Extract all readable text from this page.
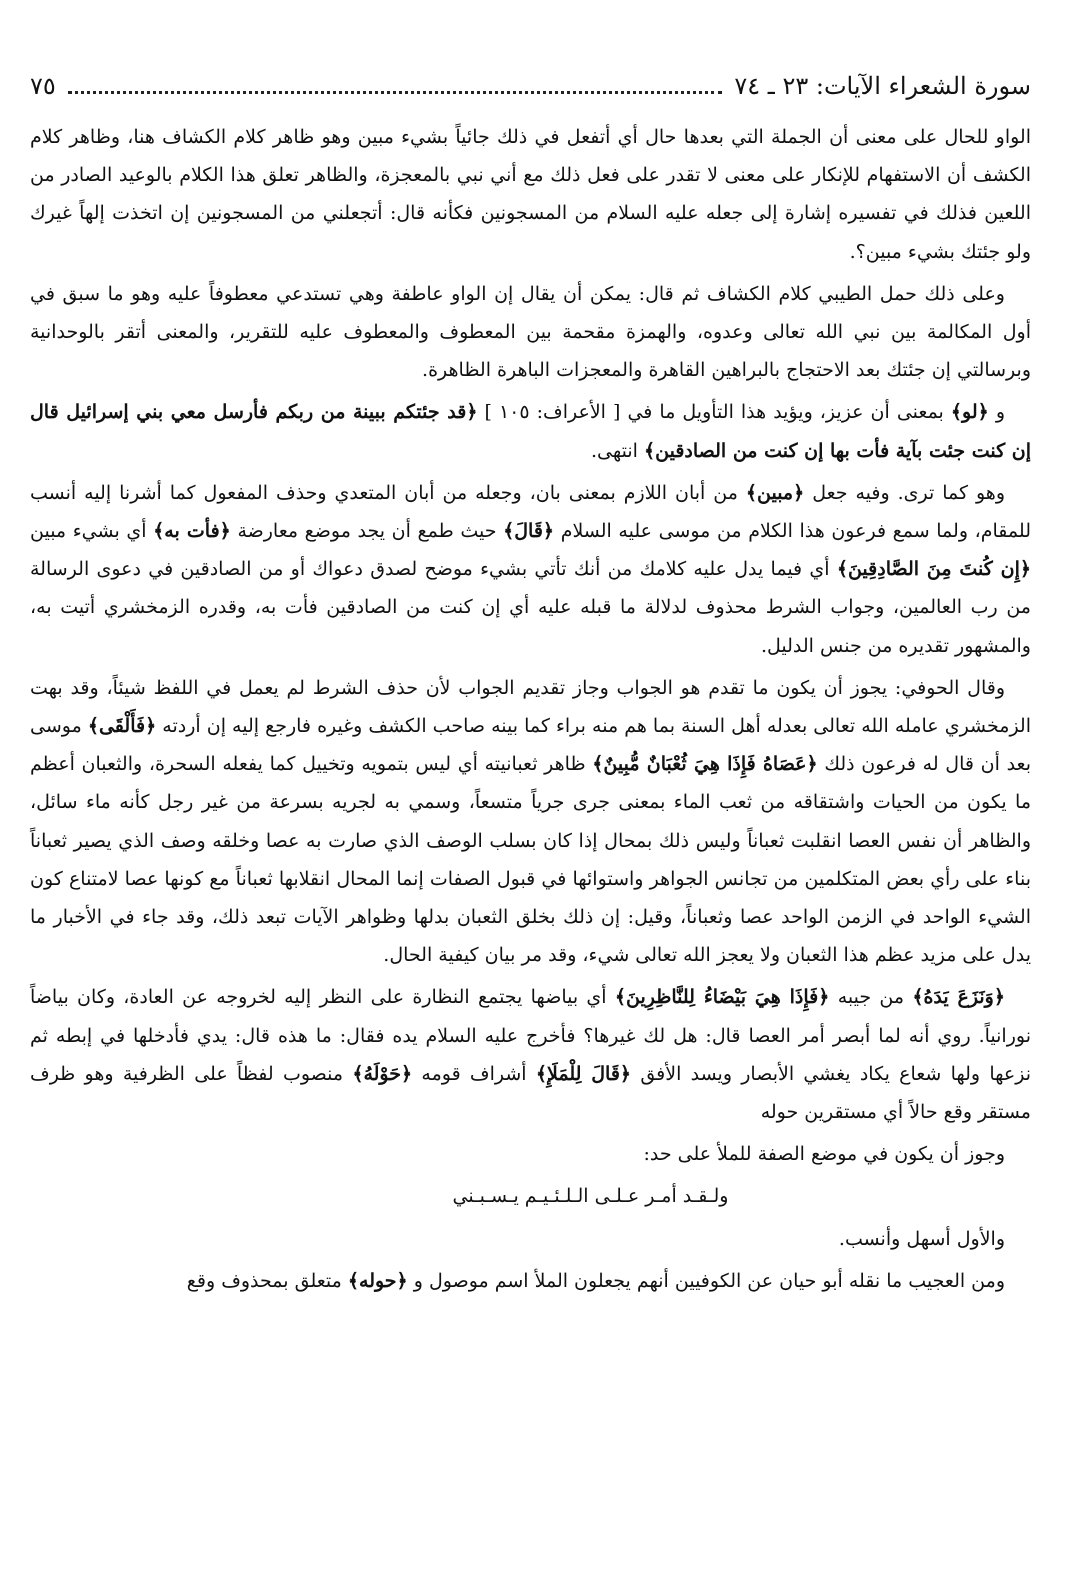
سورة الشعراء الآيات: ٢٣ ـ ٧٤
٧٥

الواو للحال على معنى أن الجملة التي بعدها حال أي أتفعل في ذلك جائياً بشيء مبين وهو ظاهر كلام الكشاف هنا، وظاهر كلام الكشف أن الاستفهام للإنكار على معنى لا تقدر على فعل ذلك مع أني نبي بالمعجزة، والظاهر تعلق هذا الكلام بالوعيد الصادر من اللعين فذلك في تفسيره إشارة إلى جعله عليه السلام من المسجونين فكأنه قال: أتجعلني من المسجونين إن اتخذت إلهاً غيرك ولو جئتك بشيء مبين؟.

وعلى ذلك حمل الطيبي كلام الكشاف ثم قال: يمكن أن يقال إن الواو عاطفة وهي تستدعي معطوفاً عليه وهو ما سبق في أول المكالمة بين نبي الله تعالى وعدوه، والهمزة مقحمة بين المعطوف والمعطوف عليه للتقرير، والمعنى أتقر بالوحدانية وبرسالتي إن جئتك بعد الاحتجاج بالبراهين القاهرة والمعجزات الباهرة الظاهرة.

و ﴿لو﴾ بمعنى أن عزيز، ويؤيد هذا التأويل ما في [ الأعراف: ١٠٥ ] ﴿قد جئتكم ببينة من ربكم فأرسل معي بني إسرائيل قال إن كنت جئت بآية فأت بها إن كنت من الصادقين﴾ انتهى.

وهو كما ترى. وفيه جعل ﴿مبين﴾ من أبان اللازم بمعنى بان، وجعله من أبان المتعدي وحذف المفعول كما أشرنا إليه أنسب للمقام، ولما سمع فرعون هذا الكلام من موسى عليه السلام ﴿قَالَ﴾ حيث طمع أن يجد موضع معارضة ﴿فأت به﴾ أي بشيء مبين ﴿إِن كُنتَ مِنَ الصَّادِقِينَ﴾ أي فيما يدل عليه كلامك من أنك تأتي بشيء موضح لصدق دعواك أو من الصادقين في دعوى الرسالة من رب العالمين، وجواب الشرط محذوف لدلالة ما قبله عليه أي إن كنت من الصادقين فأت به، وقدره الزمخشري أتيت به، والمشهور تقديره من جنس الدليل.

وقال الحوفي: يجوز أن يكون ما تقدم هو الجواب وجاز تقديم الجواب لأن حذف الشرط لم يعمل في اللفظ شيئاً، وقد بهت الزمخشري عامله الله تعالى بعدله أهل السنة بما هم منه براء كما بينه صاحب الكشف وغيره فارجع إليه إن أردته ﴿فَأَلْقَى﴾ موسى بعد أن قال له فرعون ذلك ﴿عَصَاهُ فَإِذَا هِيَ ثُعْبَانٌ مُّبِينٌ﴾ ظاهر ثعبانيته أي ليس بتمويه وتخييل كما يفعله السحرة، والثعبان أعظم ما يكون من الحيات واشتقاقه من ثعب الماء بمعنى جرى جرياً متسعاً، وسمي به لجريه بسرعة من غير رجل كأنه ماء سائل، والظاهر أن نفس العصا انقلبت ثعباناً وليس ذلك بمحال إذا كان بسلب الوصف الذي صارت به عصا وخلقه وصف الذي يصير ثعباناً بناء على رأي بعض المتكلمين من تجانس الجواهر واستوائها في قبول الصفات إنما المحال انقلابها ثعباناً مع كونها عصا لامتناع كون الشيء الواحد في الزمن الواحد عصا وثعباناً، وقيل: إن ذلك بخلق الثعبان بدلها وظواهر الآيات تبعد ذلك، وقد جاء في الأخبار ما يدل على مزيد عظم هذا الثعبان ولا يعجز الله تعالى شيء، وقد مر بيان كيفية الحال.

﴿وَنَزَعَ يَدَهُ﴾ من جيبه ﴿فَإِذَا هِيَ بَيْضَاءُ لِلنَّاظِرِينَ﴾ أي بياضها يجتمع النظارة على النظر إليه لخروجه عن العادة، وكان بياضاً نورانياً. روي أنه لما أبصر أمر العصا قال: هل لك غيرها؟ فأخرج عليه السلام يده فقال: ما هذه قال: يدي فأدخلها في إبطه ثم نزعها ولها شعاع يكاد يغشي الأبصار ويسد الأفق ﴿قَالَ لِلْمَلَإِ﴾ أشراف قومه ﴿حَوْلَهُ﴾ منصوب لفظاً على الظرفية وهو ظرف مستقر وقع حالاً أي مستقرين حوله

وجوز أن يكون في موضع الصفة للملأ على حد:

ولـقـد أمـر عـلـى الـلـئـيـم يـسـبـني

والأول أسهل وأنسب.

ومن العجيب ما نقله أبو حيان عن الكوفيين أنهم يجعلون الملأ اسم موصول و ﴿حوله﴾ متعلق بمحذوف وقع
